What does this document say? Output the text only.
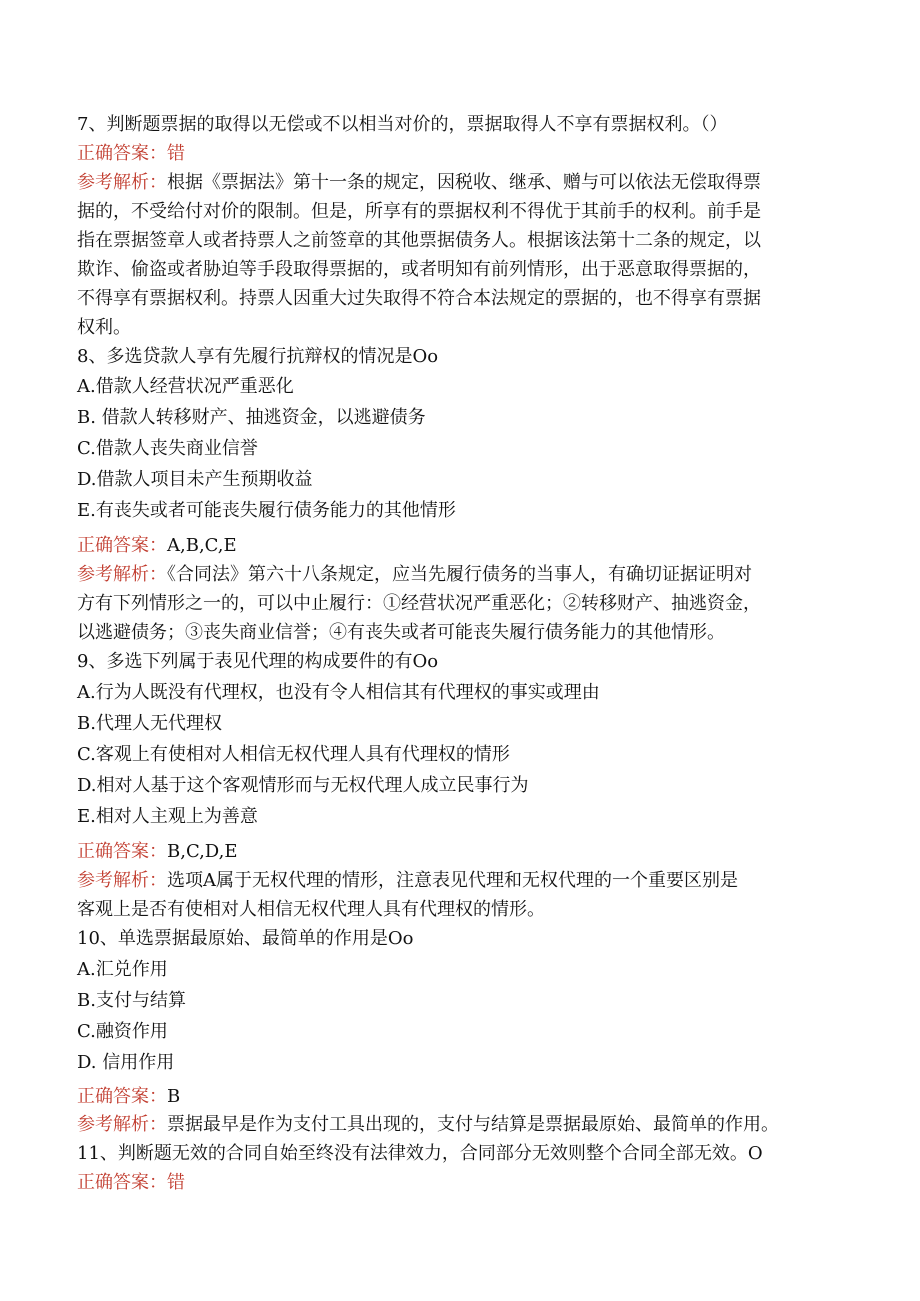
7、判断题票据的取得以无偿或不以相当对价的，票据取得人不享有票据权利。（）
正确答案：错
参考解析：根据《票据法》第十一条的规定，因税收、继承、赠与可以依法无偿取得票
据的，不受给付对价的限制。但是，所享有的票据权利不得优于其前手的权利。前手是
指在票据签章人或者持票人之前签章的其他票据债务人。根据该法第十二条的规定，以
欺诈、偷盗或者胁迫等手段取得票据的，或者明知有前列情形，出于恶意取得票据的，
不得享有票据权利。持票人因重大过失取得不符合本法规定的票据的，也不得享有票据
权利。
8、多选贷款人享有先履行抗辩权的情况是Oo
A.借款人经营状况严重恶化
B. 借款人转移财产、抽逃资金，以逃避债务
C.借款人丧失商业信誉
D.借款人项目未产生预期收益
E.有丧失或者可能丧失履行债务能力的其他情形
正确答案：A,B,C,E
参考解析：《合同法》第六十八条规定，应当先履行债务的当事人，有确切证据证明对
方有下列情形之一的，可以中止履行：①经营状况严重恶化；②转移财产、抽逃资金，
以逃避债务；③丧失商业信誉；④有丧失或者可能丧失履行债务能力的其他情形。
9、多选下列属于表见代理的构成要件的有Oo
A.行为人既没有代理权，也没有令人相信其有代理权的事实或理由
B.代理人无代理权
C.客观上有使相对人相信无权代理人具有代理权的情形
D.相对人基于这个客观情形而与无权代理人成立民事行为
E.相对人主观上为善意
正确答案：B,C,D,E
参考解析：选项A属于无权代理的情形，注意表见代理和无权代理的一个重要区别是
客观上是否有使相对人相信无权代理人具有代理权的情形。
10、单选票据最原始、最简单的作用是Oo
A.汇兑作用
B.支付与结算
C.融资作用
D. 信用作用
正确答案：B
参考解析：票据最早是作为支付工具出现的，支付与结算是票据最原始、最简单的作用。
11、判断题无效的合同自始至终没有法律效力，合同部分无效则整个合同全部无效。O
正确答案：错
